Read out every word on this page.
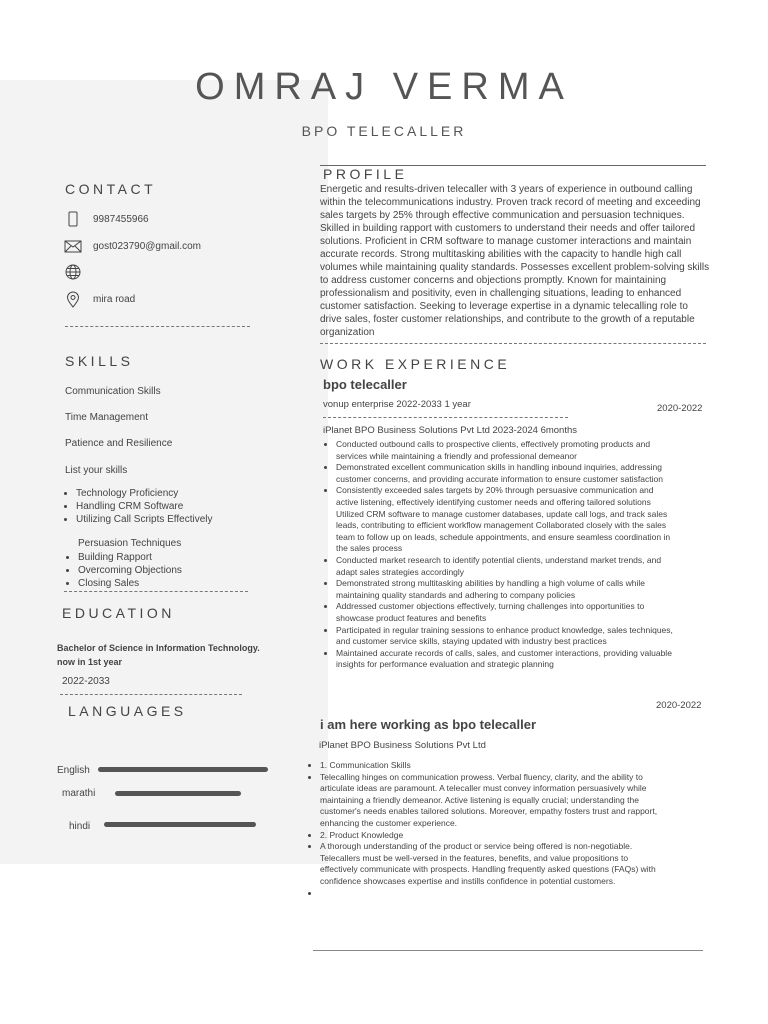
OMRAJ VERMA
BPO TELECALLER
CONTACT
9987455966
gost023790@gmail.com
mira road
SKILLS
Communication Skills
Time Management
Patience and Resilience
List your skills
• Technology Proficiency
• Handling CRM Software
• Utilizing Call Scripts Effectively
Persuasion Techniques
• Building Rapport
• Overcoming Objections
• Closing Sales
EDUCATION
Bachelor of Science in Information Technology. now in 1st year
2022-2033
LANGUAGES
English
marathi
hindi
PROFILE
Energetic and results-driven telecaller with 3 years of experience in outbound calling within the telecommunications industry. Proven track record of meeting and exceeding sales targets by 25% through effective communication and persuasion techniques. Skilled in building rapport with customers to understand their needs and offer tailored solutions. Proficient in CRM software to manage customer interactions and maintain accurate records. Strong multitasking abilities with the capacity to handle high call volumes while maintaining quality standards. Possesses excellent problem-solving skills to address customer concerns and objections promptly. Known for maintaining professionalism and positivity, even in challenging situations, leading to enhanced customer satisfaction. Seeking to leverage expertise in a dynamic telecalling role to drive sales, foster customer relationships, and contribute to the growth of a reputable organization
WORK EXPERIENCE
bpo telecaller
vonup enterprise 2022-2033 1 year	2020-2022
iPlanet BPO Business Solutions Pvt Ltd 2023-2024 6months
• Conducted outbound calls to prospective clients, effectively promoting products and services while maintaining a friendly and professional demeanor
• Demonstrated excellent communication skills in handling inbound inquiries, addressing customer concerns, and providing accurate information to ensure customer satisfaction
• Consistently exceeded sales targets by 20% through persuasive communication and active listening, effectively identifying customer needs and offering tailored solutions Utilized CRM software to manage customer databases, update call logs, and track sales leads, contributing to efficient workflow management Collaborated closely with the sales team to follow up on leads, schedule appointments, and ensure seamless coordination in the sales process
• Conducted market research to identify potential clients, understand market trends, and adapt sales strategies accordingly
• Demonstrated strong multitasking abilities by handling a high volume of calls while maintaining quality standards and adhering to company policies
• Addressed customer objections effectively, turning challenges into opportunities to showcase product features and benefits
• Participated in regular training sessions to enhance product knowledge, sales techniques, and customer service skills, staying updated with industry best practices
• Maintained accurate records of calls, sales, and customer interactions, providing valuable insights for performance evaluation and strategic planning
2020-2022
i am here working as bpo telecaller
iPlanet BPO Business Solutions Pvt Ltd
• 1. Communication Skills
• Telecalling hinges on communication prowess. Verbal fluency, clarity, and the ability to articulate ideas are paramount. A telecaller must convey information persuasively while maintaining a friendly demeanor. Active listening is equally crucial; understanding the customer's needs enables tailored solutions. Moreover, empathy fosters trust and rapport, enhancing the customer experience.
• 2. Product Knowledge
• A thorough understanding of the product or service being offered is non-negotiable. Telecallers must be well-versed in the features, benefits, and value propositions to effectively communicate with prospects. Handling frequently asked questions (FAQs) with confidence showcases expertise and instills confidence in potential customers.
•
